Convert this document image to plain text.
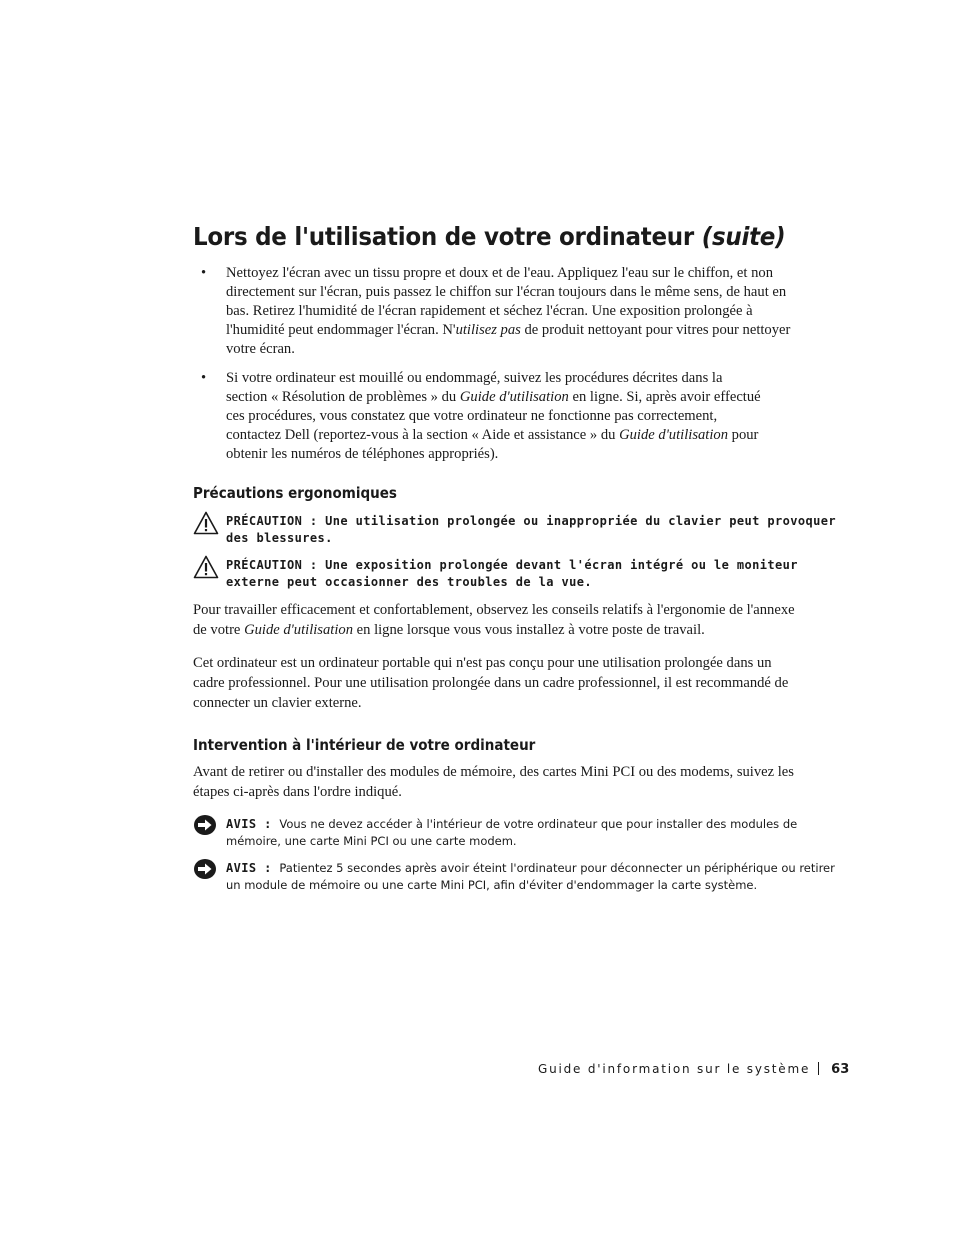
Lors de l'utilisation de votre ordinateur (suite)
• Nettoyez l'écran avec un tissu propre et doux et de l'eau. Appliquez l'eau sur le chiffon, et non directement sur l'écran, puis passez le chiffon sur l'écran toujours dans le même sens, de haut en bas. Retirez l'humidité de l'écran rapidement et séchez l'écran. Une exposition prolongée à l'humidité peut endommager l'écran. N'utilisez pas de produit nettoyant pour vitres pour nettoyer votre écran.
• Si votre ordinateur est mouillé ou endommagé, suivez les procédures décrites dans la section « Résolution de problèmes » du Guide d'utilisation en ligne. Si, après avoir effectué ces procédures, vous constatez que votre ordinateur ne fonctionne pas correctement, contactez Dell (reportez-vous à la section « Aide et assistance » du Guide d'utilisation pour obtenir les numéros de téléphones appropriés).
Précautions ergonomiques
PRÉCAUTION : Une utilisation prolongée ou inappropriée du clavier peut provoquer des blessures.
PRÉCAUTION : Une exposition prolongée devant l'écran intégré ou le moniteur externe peut occasionner des troubles de la vue.

Pour travailler efficacement et confortablement, observez les conseils relatifs à l'ergonomie de l'annexe de votre Guide d'utilisation en ligne lorsque vous vous installez à votre poste de travail.

Cet ordinateur est un ordinateur portable qui n'est pas conçu pour une utilisation prolongée dans un cadre professionnel. Pour une utilisation prolongée dans un cadre professionnel, il est recommandé de connecter un clavier externe.

Intervention à l'intérieur de votre ordinateur

Avant de retirer ou d'installer des modules de mémoire, des cartes Mini PCI ou des modems, suivez les étapes ci-après dans l'ordre indiqué.

AVIS : Vous ne devez accéder à l'intérieur de votre ordinateur que pour installer des modules de mémoire, une carte Mini PCI ou une carte modem.
AVIS : Patientez 5 secondes après avoir éteint l'ordinateur pour déconnecter un périphérique ou retirer un module de mémoire ou une carte Mini PCI, afin d'éviter d'endommager la carte système.
Guide d'information sur le système 63
